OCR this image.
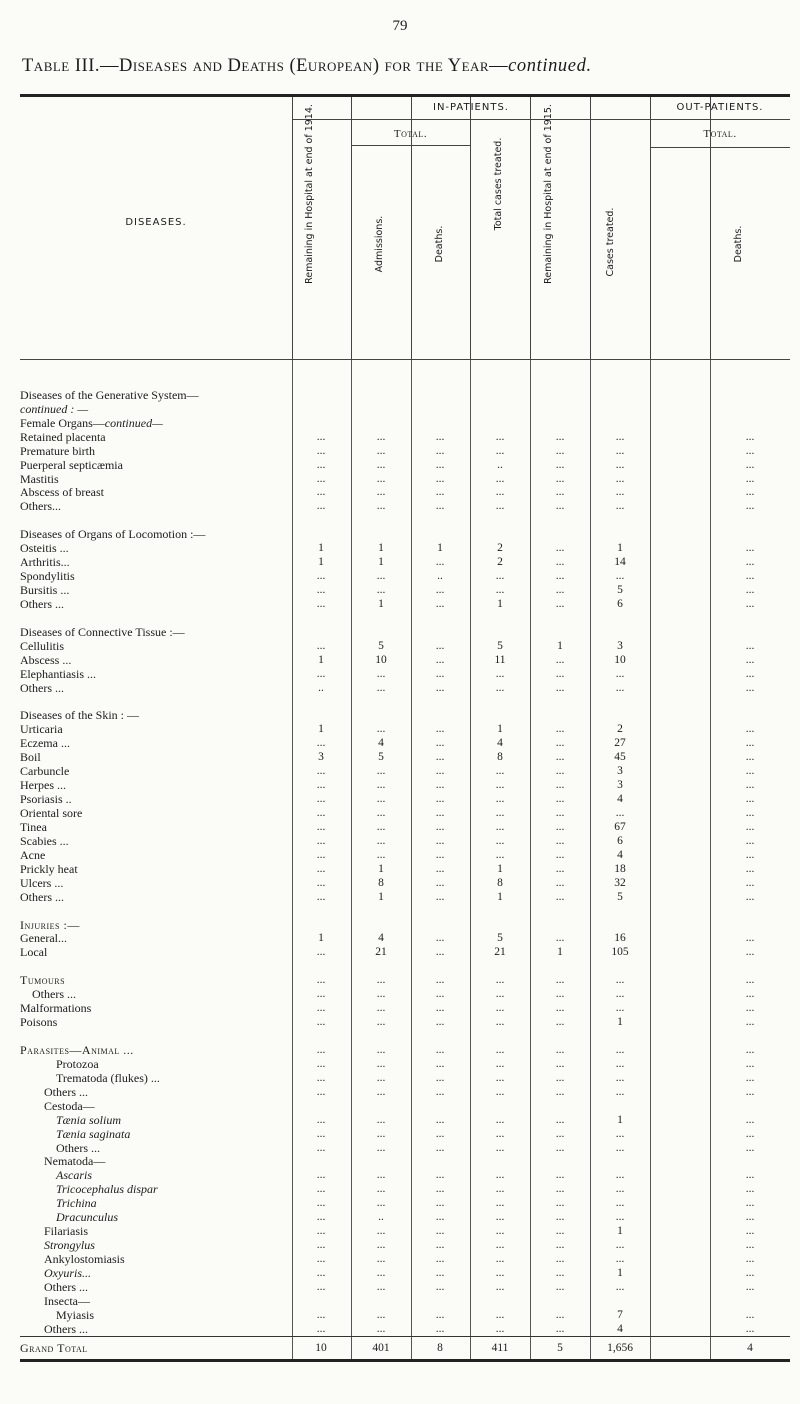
79
Table III.—Diseases and Deaths (European) for the Year—continued.
DISEASES.
IN-PATIENTS.	OUT-PATIENTS.
Total.	Total.
Remaining in Hospital at end of 1914.	Admissions.	Deaths.
Total cases treated.	Remaining in Hospital at end of 1915.	Cases treated.	Deaths.
Diseases of the Generative System—
continued : —
Female Organs—continued—
Retained placenta	...	...	...	...	...	...	...
Premature birth	...	...	...	...	...	...	...
Puerperal septicæmia	...	...	...	..	...	...	...
Mastitis	...	...	...	...	...	...	...
Abscess of breast	...	...	...	...	...	...	...
Others...	...	...	...	...	...	...	...
Diseases of Organs of Locomotion :—
Osteitis ...	1	1	1	2	...	1	...
Arthritis...	1	1	...	2	...	14	...
Spondylitis	...	...	..	...	...	...	...
Bursitis ...	...	...	...	...	...	5	...
Others ...	...	1	...	1	...	6	...
Diseases of Connective Tissue :—
Cellulitis	...	5	...	5	1	3	...
Abscess ...	1	10	...	11	...	10	...
Elephantiasis ...	...	...	...	...	...	...	...
Others ...	..	...	...	...	...	...	...
Diseases of the Skin : —
Urticaria	1	...	...	1	...	2	...
Eczema ...	...	4	...	4	...	27	...
Boil	3	5	...	8	...	45	...
Carbuncle	...	...	...	...	...	3	...
Herpes ...	...	...	...	...	...	3	...
Psoriasis ..	...	...	...	...	...	4	...
Oriental sore	...	...	...	...	...	...	...
Tinea	...	...	...	...	...	67	...
Scabies ...	...	...	...	...	...	6	...
Acne	...	...	...	...	...	4	...
Prickly heat	...	1	...	1	...	18	...
Ulcers ...	...	8	...	8	...	32	...
Others ...	...	1	...	1	...	5	...
Injuries :—
General...	1	4	...	5	...	16	...
Local	...	21	...	21	1	105	...
Tumours	...	...	...	...	...	...	...
Others ...	...	...	...	...	...	...	...
Malformations	...	...	...	...	...	...	...
Poisons	...	...	...	...	...	1	...
Parasites—Animal ...	...	...	...	...	...	...	...
Protozoa	...	...	...	...	...	...	...
Trematoda (flukes) ...	...	...	...	...	...	...	...
Others ...	...	...	...	...	...	...	...
Cestoda—
Tænia solium	...	...	...	...	...	1	...
Tænia saginata	...	...	...	...	...	...	...
Others ...	...	...	...	...	...	...	...
Nematoda—
Ascaris	...	...	...	...	...	...	...
Tricocephalus dispar	...	...	...	...	...	...	...
Trichina	...	...	...	...	...	...	...
Dracunculus	...	..	...	...	...	...	...
Filariasis	...	...	...	...	...	1	...
Strongylus	...	...	...	...	...	...	...
Ankylostomiasis	...	...	...	...	...	...	...
Oxyuris...	...	...	...	...	...	1	...
Others ...	...	...	...	...	...	...	...
Insecta—
Myiasis	...	...	...	...	...	7	...
Others ...	...	...	...	...	...	4	...
Grand Total	10	401	8	411	5	1,656	4
